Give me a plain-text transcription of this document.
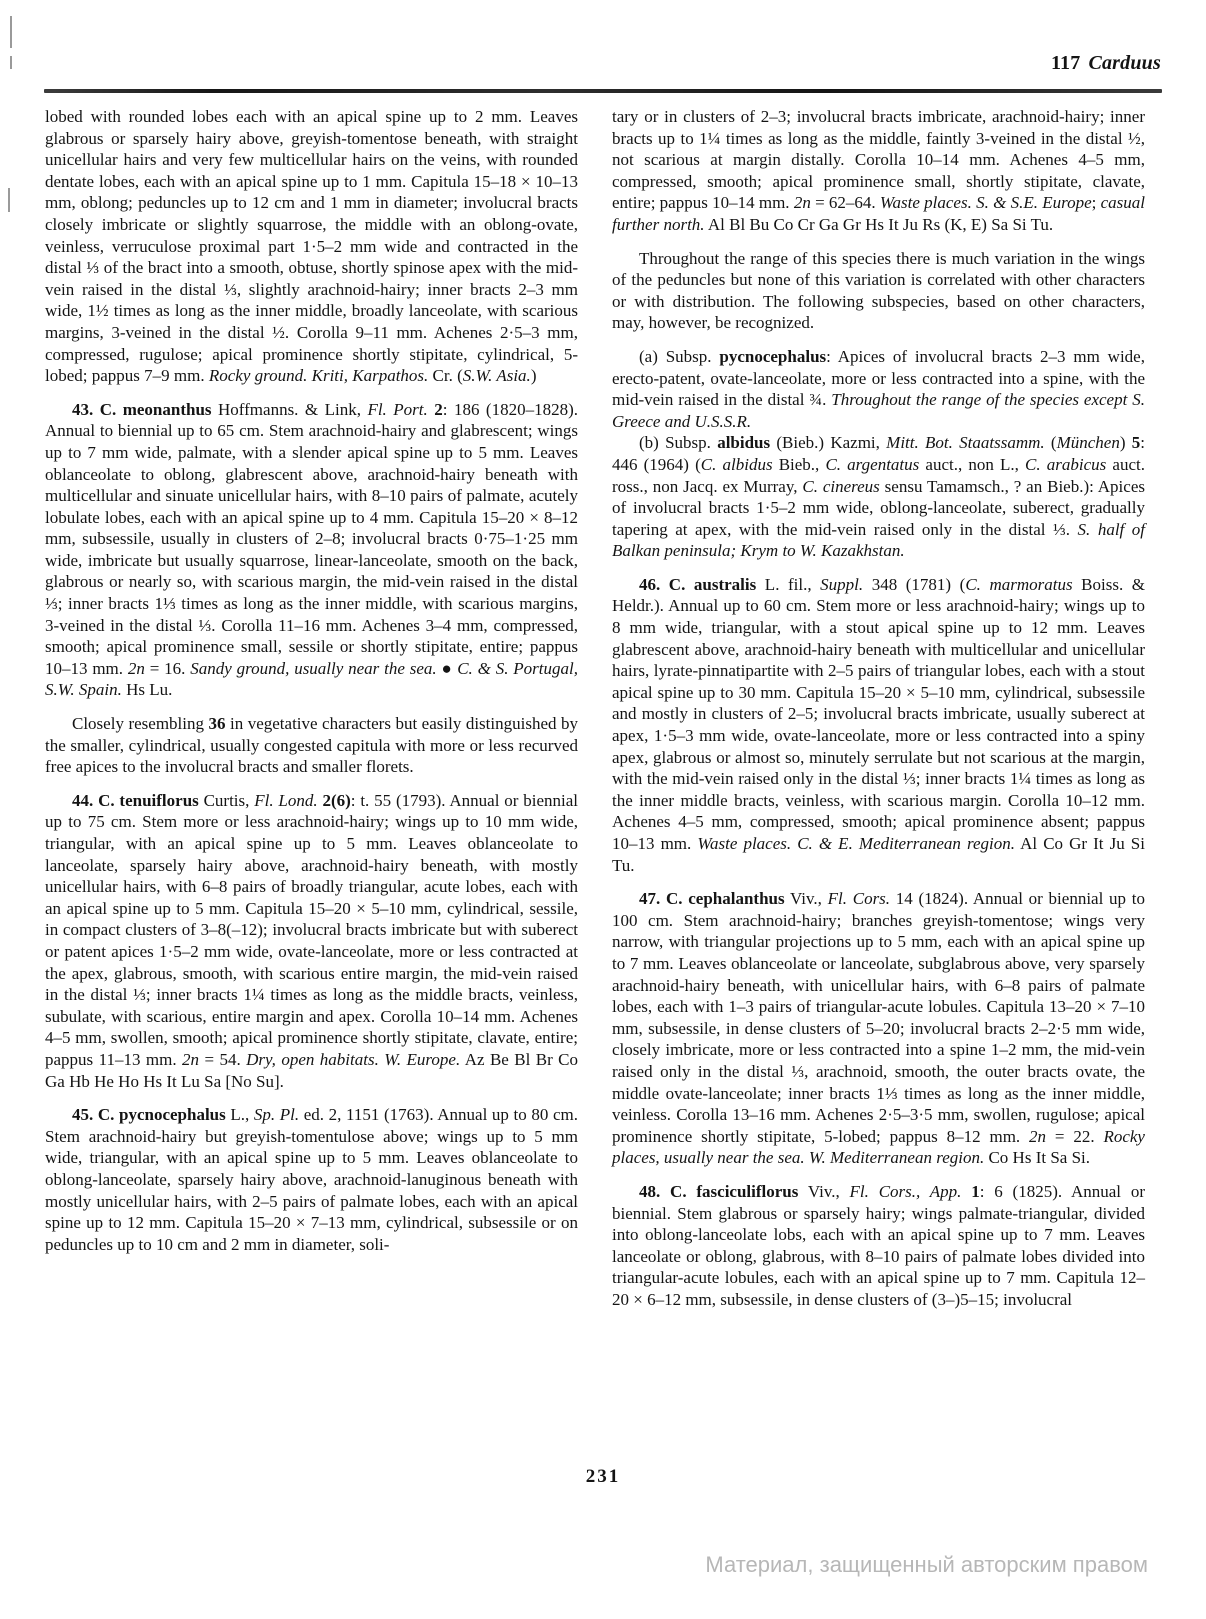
117 Carduus

lobed with rounded lobes each with an apical spine up to 2 mm. Leaves glabrous or sparsely hairy above, greyish-tomentose beneath, with straight unicellular hairs and very few multicellular hairs on the veins, with rounded dentate lobes, each with an apical spine up to 1 mm. Capitula 15–18 × 10–13 mm, oblong; peduncles up to 12 cm and 1 mm in diameter; involucral bracts closely imbricate or slightly squarrose, the middle with an oblong-ovate, veinless, verruculose proximal part 1·5–2 mm wide and contracted in the distal ⅓ of the bract into a smooth, obtuse, shortly spinose apex with the mid-vein raised in the distal ⅓, slightly arachnoid-hairy; inner bracts 2–3 mm wide, 1½ times as long as the inner middle, broadly lanceolate, with scarious margins, 3-veined in the distal ½. Corolla 9–11 mm. Achenes 2·5–3 mm, compressed, rugulose; apical prominence shortly stipitate, cylindrical, 5-lobed; pappus 7–9 mm. Rocky ground. Kriti, Karpathos. Cr. (S.W. Asia.)

43. C. meonanthus Hoffmanns. & Link, Fl. Port. 2: 186 (1820–1828). Annual to biennial up to 65 cm. Stem arachnoid-hairy and glabrescent; wings up to 7 mm wide, palmate, with a slender apical spine up to 5 mm. Leaves oblanceolate to oblong, glabrescent above, arachnoid-hairy beneath with multicellular and sinuate unicellular hairs, with 8–10 pairs of palmate, acutely lobulate lobes, each with an apical spine up to 4 mm. Capitula 15–20 × 8–12 mm, subsessile, usually in clusters of 2–8; involucral bracts 0·75–1·25 mm wide, imbricate but usually squarrose, linear-lanceolate, smooth on the back, glabrous or nearly so, with scarious margin, the mid-vein raised in the distal ⅓; inner bracts 1⅓ times as long as the inner middle, with scarious margins, 3-veined in the distal ⅓. Corolla 11–16 mm. Achenes 3–4 mm, compressed, smooth; apical prominence small, sessile or shortly stipitate, entire; pappus 10–13 mm. 2n = 16. Sandy ground, usually near the sea. ● C. & S. Portugal, S.W. Spain. Hs Lu.

Closely resembling 36 in vegetative characters but easily distinguished by the smaller, cylindrical, usually congested capitula with more or less recurved free apices to the involucral bracts and smaller florets.

44. C. tenuiflorus Curtis, Fl. Lond. 2(6): t. 55 (1793). Annual or biennial up to 75 cm. Stem more or less arachnoid-hairy; wings up to 10 mm wide, triangular, with an apical spine up to 5 mm. Leaves oblanceolate to lanceolate, sparsely hairy above, arachnoid-hairy beneath, with mostly unicellular hairs, with 6–8 pairs of broadly triangular, acute lobes, each with an apical spine up to 5 mm. Capitula 15–20 × 5–10 mm, cylindrical, sessile, in compact clusters of 3–8(–12); involucral bracts imbricate but with suberect or patent apices 1·5–2 mm wide, ovate-lanceolate, more or less contracted at the apex, glabrous, smooth, with scarious entire margin, the mid-vein raised in the distal ⅓; inner bracts 1¼ times as long as the middle bracts, veinless, subulate, with scarious, entire margin and apex. Corolla 10–14 mm. Achenes 4–5 mm, swollen, smooth; apical prominence shortly stipitate, clavate, entire; pappus 11–13 mm. 2n = 54. Dry, open habitats. W. Europe. Az Be Bl Br Co Ga Hb He Ho Hs It Lu Sa [No Su].

45. C. pycnocephalus L., Sp. Pl. ed. 2, 1151 (1763). Annual up to 80 cm. Stem arachnoid-hairy but greyish-tomentulose above; wings up to 5 mm wide, triangular, with an apical spine up to 5 mm. Leaves oblanceolate to oblong-lanceolate, sparsely hairy above, arachnoid-lanuginous beneath with mostly unicellular hairs, with 2–5 pairs of palmate lobes, each with an apical spine up to 12 mm. Capitula 15–20 × 7–13 mm, cylindrical, subsessile or on peduncles up to 10 cm and 2 mm in diameter, soli-

tary or in clusters of 2–3; involucral bracts imbricate, arachnoid-hairy; inner bracts up to 1¼ times as long as the middle, faintly 3-veined in the distal ½, not scarious at margin distally. Corolla 10–14 mm. Achenes 4–5 mm, compressed, smooth; apical prominence small, shortly stipitate, clavate, entire; pappus 10–14 mm. 2n = 62–64. Waste places. S. & S.E. Europe; casual further north. Al Bl Bu Co Cr Ga Gr Hs It Ju Rs (K, E) Sa Si Tu.

Throughout the range of this species there is much variation in the wings of the peduncles but none of this variation is correlated with other characters or with distribution. The following subspecies, based on other characters, may, however, be recognized.

(a) Subsp. pycnocephalus: Apices of involucral bracts 2–3 mm wide, erecto-patent, ovate-lanceolate, more or less contracted into a spine, with the mid-vein raised in the distal ¾. Throughout the range of the species except S. Greece and U.S.S.R.

(b) Subsp. albidus (Bieb.) Kazmi, Mitt. Bot. Staatssamm. (München) 5: 446 (1964) (C. albidus Bieb., C. argentatus auct., non L., C. arabicus auct. ross., non Jacq. ex Murray, C. cinereus sensu Tamamsch., ? an Bieb.): Apices of involucral bracts 1·5–2 mm wide, oblong-lanceolate, suberect, gradually tapering at apex, with the mid-vein raised only in the distal ⅓. S. half of Balkan peninsula; Krym to W. Kazakhstan.

46. C. australis L. fil., Suppl. 348 (1781) (C. marmoratus Boiss. & Heldr.). Annual up to 60 cm. Stem more or less arachnoid-hairy; wings up to 8 mm wide, triangular, with a stout apical spine up to 12 mm. Leaves glabrescent above, arachnoid-hairy beneath with multicellular and unicellular hairs, lyrate-pinnatipartite with 2–5 pairs of triangular lobes, each with a stout apical spine up to 30 mm. Capitula 15–20 × 5–10 mm, cylindrical, subsessile and mostly in clusters of 2–5; involucral bracts imbricate, usually suberect at apex, 1·5–3 mm wide, ovate-lanceolate, more or less contracted into a spiny apex, glabrous or almost so, minutely serrulate but not scarious at the margin, with the mid-vein raised only in the distal ⅓; inner bracts 1¼ times as long as the inner middle bracts, veinless, with scarious margin. Corolla 10–12 mm. Achenes 4–5 mm, compressed, smooth; apical prominence absent; pappus 10–13 mm. Waste places. C. & E. Mediterranean region. Al Co Gr It Ju Si Tu.

47. C. cephalanthus Viv., Fl. Cors. 14 (1824). Annual or biennial up to 100 cm. Stem arachnoid-hairy; branches greyish-tomentose; wings very narrow, with triangular projections up to 5 mm, each with an apical spine up to 7 mm. Leaves oblanceolate or lanceolate, subglabrous above, very sparsely arachnoid-hairy beneath, with unicellular hairs, with 6–8 pairs of palmate lobes, each with 1–3 pairs of triangular-acute lobules. Capitula 13–20 × 7–10 mm, subsessile, in dense clusters of 5–20; involucral bracts 2–2·5 mm wide, closely imbricate, more or less contracted into a spine 1–2 mm, the mid-vein raised only in the distal ⅓, arachnoid, smooth, the outer bracts ovate, the middle ovate-lanceolate; inner bracts 1⅓ times as long as the inner middle, veinless. Corolla 13–16 mm. Achenes 2·5–3·5 mm, swollen, rugulose; apical prominence shortly stipitate, 5-lobed; pappus 8–12 mm. 2n = 22. Rocky places, usually near the sea. W. Mediterranean region. Co Hs It Sa Si.

48. C. fasciculiflorus Viv., Fl. Cors., App. 1: 6 (1825). Annual or biennial. Stem glabrous or sparsely hairy; wings palmate-triangular, divided into oblong-lanceolate lobs, each with an apical spine up to 7 mm. Leaves lanceolate or oblong, glabrous, with 8–10 pairs of palmate lobes divided into triangular-acute lobules, each with an apical spine up to 7 mm. Capitula 12–20 × 6–12 mm, subsessile, in dense clusters of (3–)5–15; involucral

231
Материал, защищенный авторским правом
